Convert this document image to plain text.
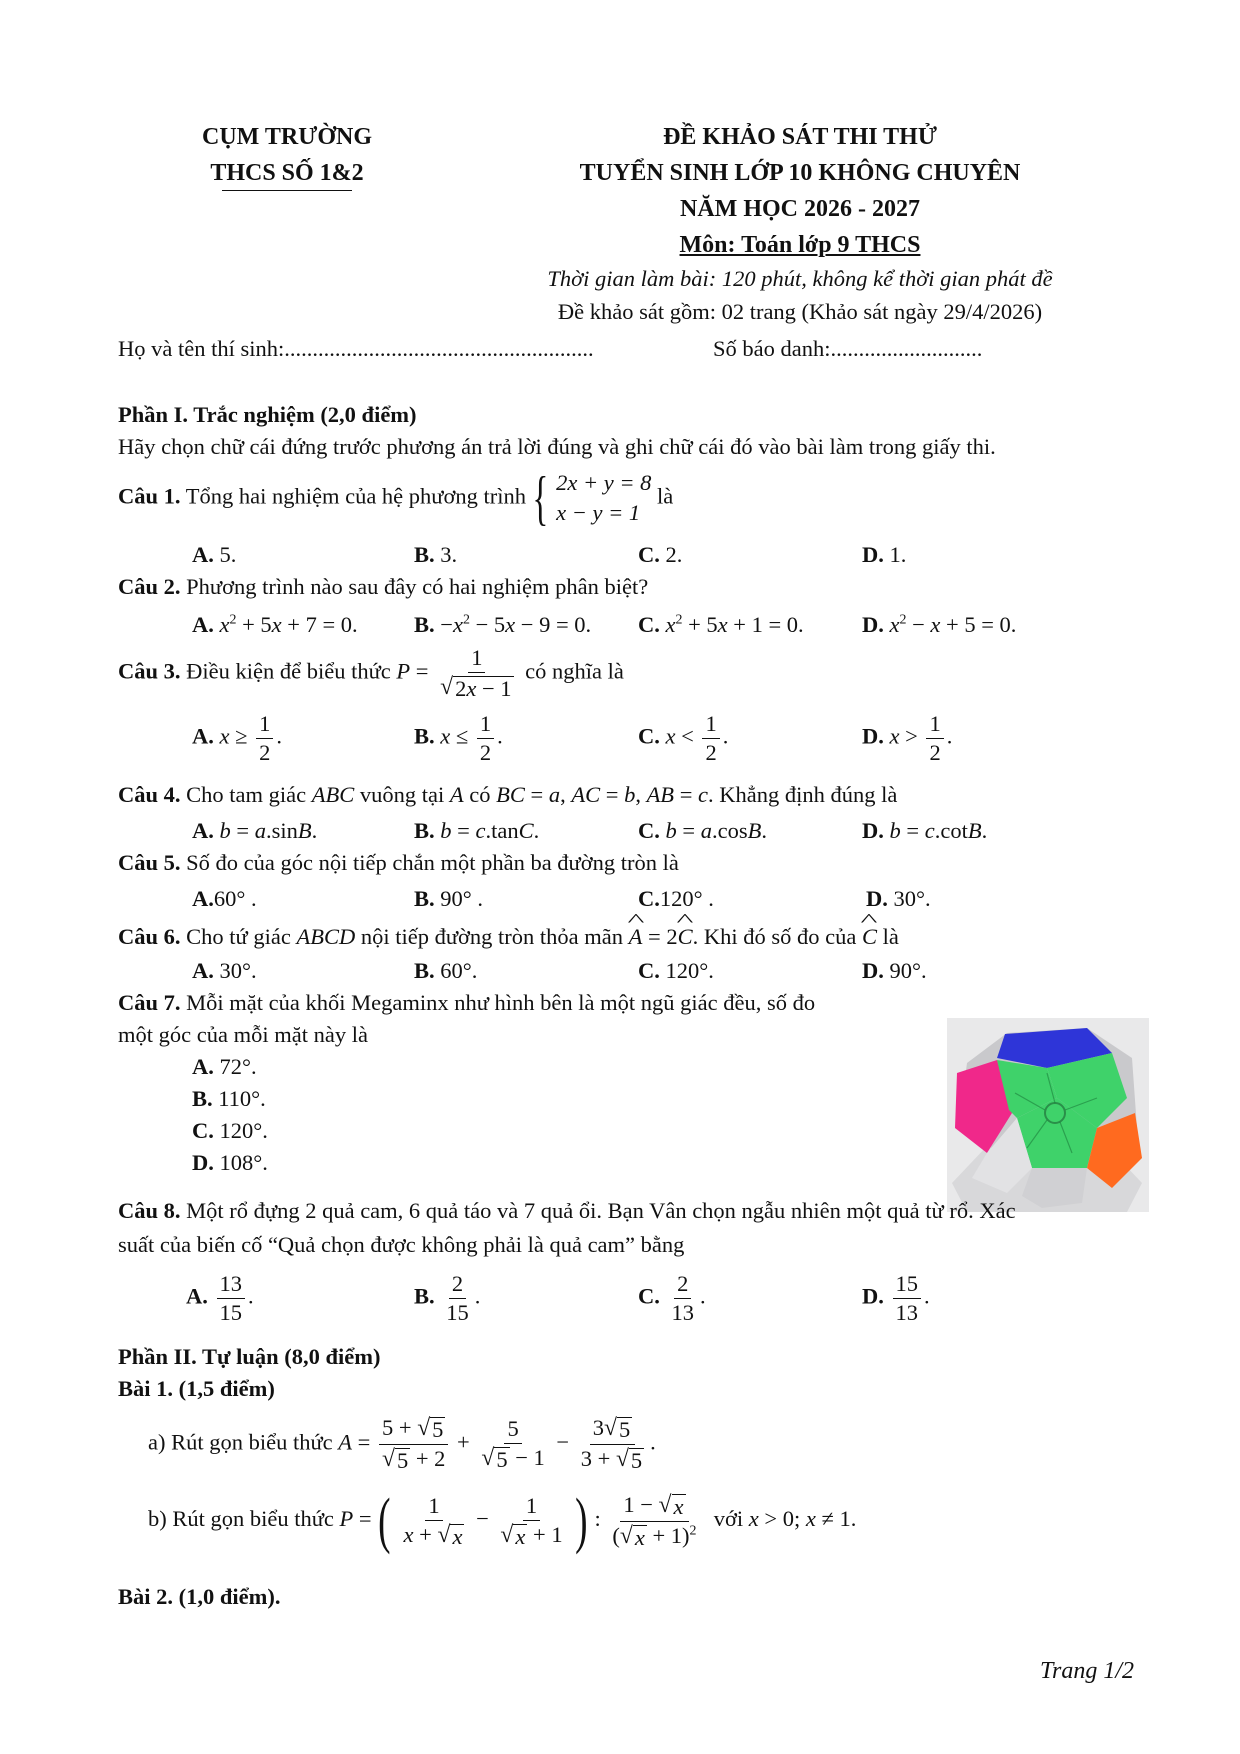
CỤM TRƯỜNG
THCS SỐ 1&2
ĐỀ KHẢO SÁT THI THỬ
TUYỂN SINH LỚP 10 KHÔNG CHUYÊN
NĂM HỌC 2026 - 2027
Môn: Toán lớp 9 THCS
Thời gian làm bài: 120 phút, không kể thời gian phát đề
Đề khảo sát gồm: 02 trang (Khảo sát ngày 29/4/2026)
Họ và tên thí sinh:.......................................................	Số báo danh:...........................
Phần I. Trắc nghiệm (2,0 điểm)
Hãy chọn chữ cái đứng trước phương án trả lời đúng và ghi chữ cái đó vào bài làm trong giấy thi.
Câu 1. Tổng hai nghiệm của hệ phương trình { 2x + y = 8
x − y = 1
là
A. 5.	B. 3.	C. 2.	D. 1.
Câu 2. Phương trình nào sau đây có hai nghiệm phân biệt?
A. $x^2 + 5x + 7 = 0$.	B. $-x^2 - 5x - 9 = 0$. C. $x^2 + 5x + 1 = 0$.	D. $x^2 - x + 5 = 0$.
Câu 3. Điều kiện để biểu thức $P = \frac{1}{√ 2x - 1}$ có nghĩa là
A. $x \ge \frac{1}{2}$ .	B. $x \le \frac{1}{2}$ .	C. $x < \frac{1}{2}$ .	D. $x > \frac{1}{2}$ .
Câu 4. Cho tam giác ABC vuông tại A có BC = a, AC = b, AB = c. Khẳng định đúng là
A. b = a.sinB.	B. b = c.tanC.	C. b = a.cosB.	D. b = c.cotB.
Câu 5. Số đo của góc nội tiếp chắn một phần ba đường tròn là
A.60° .	B. 90° .	C.120° .	D. 30°.
Câu 6. Cho tứ giác ABCD nội tiếp đường tròn thỏa mãn ^ A = 2^ C. Khi đó số đo của ^ C là
A. 30°.	B. 60°.	C. 120°.	D. 90°.
Câu 7. Mỗi mặt của khối Megaminx như hình bên là một ngũ giác đều, số đo
một góc của mỗi mặt này là
A. 72°.
B. 110°.
C. 120°.
D. 108°.
Câu 8. Một rổ đựng 2 quả cam, 6 quả táo và 7 quả ổi. Bạn Vân chọn ngẫu nhiên một quả từ rổ. Xác
suất của biến cố “Quả chọn được không phải là quả cam” bằng
A. $\frac{13}{15}$ .	B. $\frac{2}{15}$ .	C. $\frac{2}{13}$ .	D. $\frac{15}{13}$ .
Phần II. Tự luận (8,0 điểm)
Bài 1. (1,5 điểm)
a) Rút gọn biểu thức $A = \frac{5 + √ 5}{√ 5 + 2} + \frac{5}{√ 5 - 1} - \frac{3 √ 5}{3 + √ 5}$ .
b) Rút gọn biểu thức P = ( $\frac{1}{x + √ x} - \frac{1}{√ x + 1}$ ) : $\frac{1 - √ x}{( √ x + 1)^2}$ với x > 0; x ≠ 1.
Bài 2. (1,0 điểm).
Trang 1/2
